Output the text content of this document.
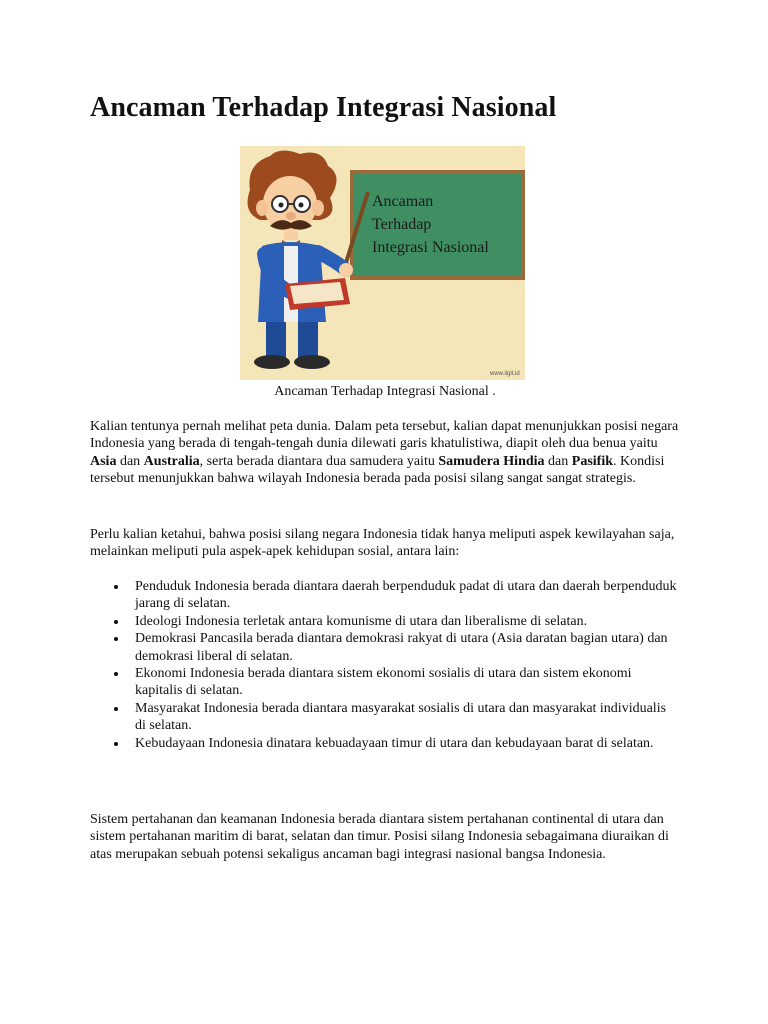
Ancaman Terhadap Integrasi Nasional
Ancaman
Terhadap
Integrasi Nasional
www.ilgit.id
Ancaman Terhadap Integrasi Nasional .

Kalian tentunya pernah melihat peta dunia. Dalam peta tersebut, kalian dapat menunjukkan posisi negara Indonesia yang berada di tengah-tengah dunia dilewati garis khatulistiwa, diapit oleh dua benua yaitu Asia dan Australia, serta berada diantara dua samudera yaitu Samudera Hindia dan Pasifik. Kondisi tersebut menunjukkan bahwa wilayah Indonesia berada pada posisi silang sangat sangat strategis.

Perlu kalian ketahui, bahwa posisi silang negara Indonesia tidak hanya meliputi aspek kewilayahan saja, melainkan meliputi pula aspek-apek kehidupan sosial, antara lain:

Penduduk Indonesia berada diantara daerah berpenduduk padat di utara dan daerah berpenduduk jarang di selatan.
Ideologi Indonesia terletak antara komunisme di utara dan liberalisme di selatan.
Demokrasi Pancasila berada diantara demokrasi rakyat di utara (Asia daratan bagian utara) dan demokrasi liberal di selatan.
Ekonomi Indonesia berada diantara sistem ekonomi sosialis di utara dan sistem ekonomi kapitalis di selatan.
Masyarakat Indonesia berada diantara masyarakat sosialis di utara dan masyarakat individualis di selatan.
Kebudayaan Indonesia dinatara kebuadayaan timur di utara dan kebudayaan barat di selatan.

Sistem pertahanan dan keamanan Indonesia berada diantara sistem pertahanan continental di utara dan sistem pertahanan maritim di barat, selatan dan timur. Posisi silang Indonesia sebagaimana diuraikan di atas merupakan sebuah potensi sekaligus ancaman bagi integrasi nasional bangsa Indonesia.
